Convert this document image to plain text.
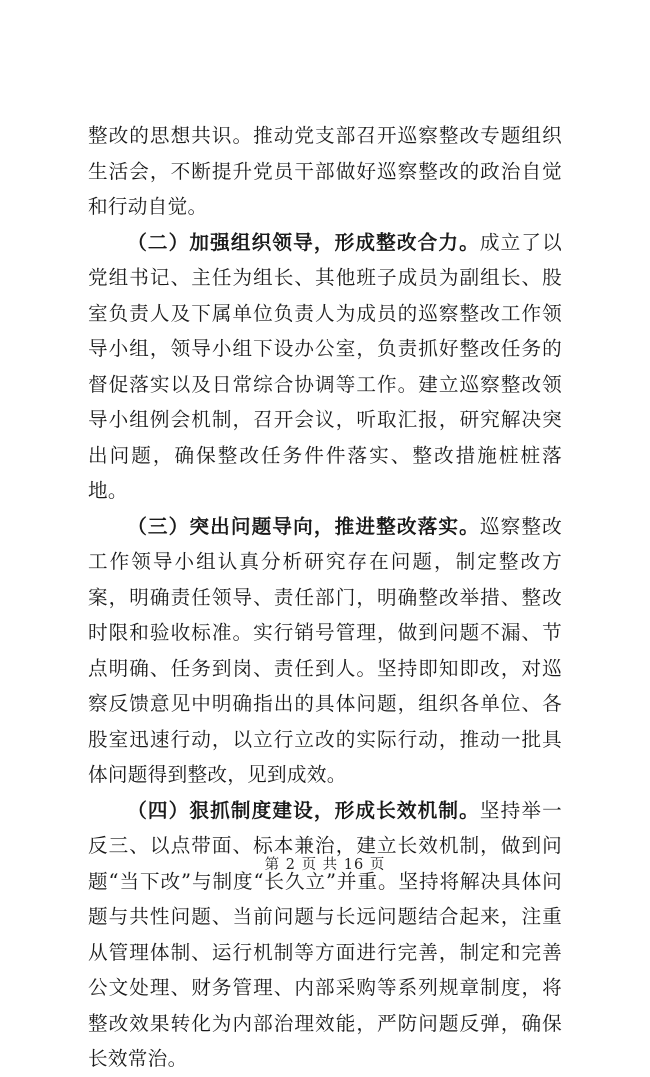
整改的思想共识。推动党支部召开巡察整改专题组织生活会，不断提升党员干部做好巡察整改的政治自觉和行动自觉。

（二）加强组织领导，形成整改合力。成立了以党组书记、主任为组长、其他班子成员为副组长、股室负责人及下属单位负责人为成员的巡察整改工作领导小组，领导小组下设办公室，负责抓好整改任务的督促落实以及日常综合协调等工作。建立巡察整改领导小组例会机制，召开会议，听取汇报，研究解决突出问题，确保整改任务件件落实、整改措施桩桩落地。

（三）突出问题导向，推进整改落实。巡察整改工作领导小组认真分析研究存在问题，制定整改方案，明确责任领导、责任部门，明确整改举措、整改时限和验收标准。实行销号管理，做到问题不漏、节点明确、任务到岗、责任到人。坚持即知即改，对巡察反馈意见中明确指出的具体问题，组织各单位、各股室迅速行动，以立行立改的实际行动，推动一批具体问题得到整改，见到成效。

（四）狠抓制度建设，形成长效机制。坚持举一反三、以点带面、标本兼治，建立长效机制，做到问题“当下改”与制度“长久立”并重。坚持将解决具体问题与共性问题、当前问题与长远问题结合起来，注重从管理体制、运行机制等方面进行完善，制定和完善公文处理、财务管理、内部采购等系列规章制度，将整改效果转化为内部治理效能，严防问题反弹，确保长效常治。

第 2 页 共 16 页
